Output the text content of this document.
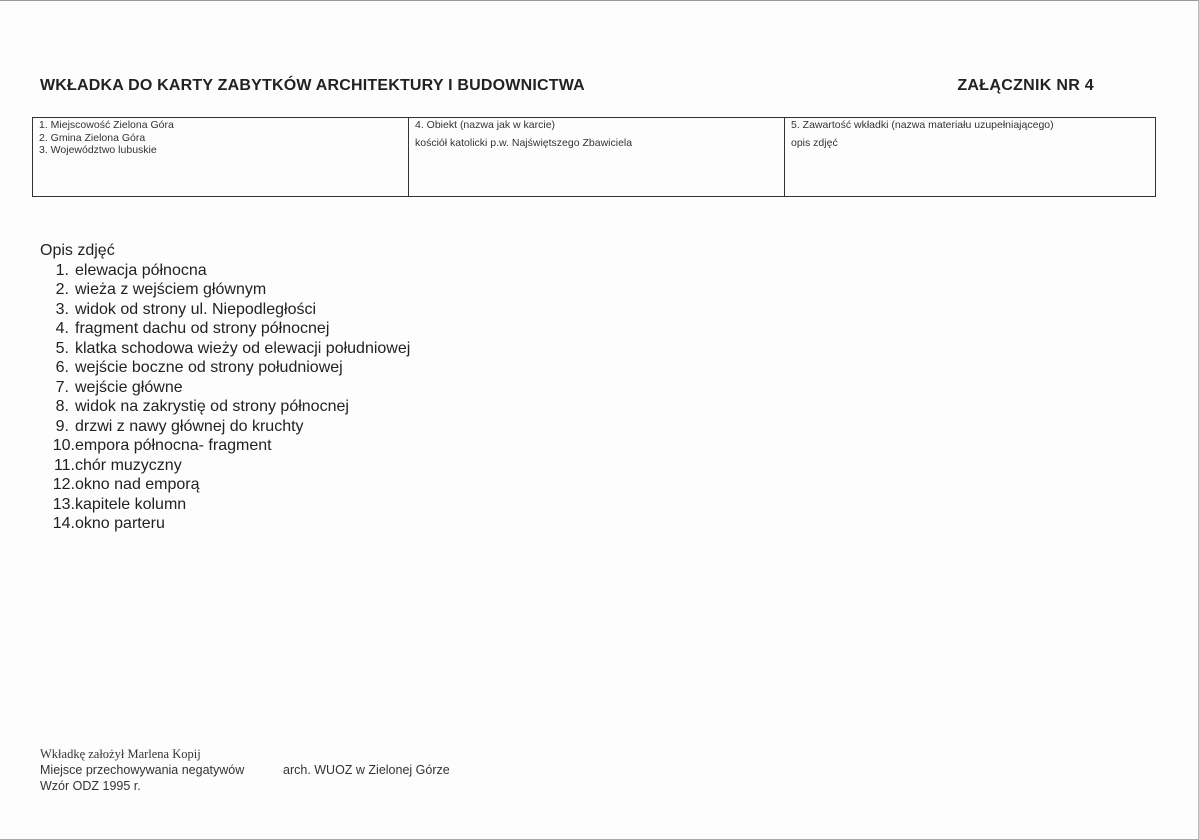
WKŁADKA DO KARTY ZABYTKÓW ARCHITEKTURY I BUDOWNICTWA	ZAŁĄCZNIK NR 4
1. Miejscowość Zielona Góra
2. Gmina Zielona Góra
3. Województwo lubuskie
4. Obiekt (nazwa jak w karcie)
kościół katolicki p.w. Najświętszego Zbawiciela
5. Zawartość wkładki (nazwa materiału uzupełniającego)
opis zdjęć
Opis zdjęć
1. elewacja północna
2. wieża z wejściem głównym
3. widok od strony ul. Niepodległości
4. fragment dachu od strony północnej
5. klatka schodowa wieży od elewacji południowej
6. wejście boczne od strony południowej
7. wejście główne
8. widok na zakrystię od strony północnej
9. drzwi z nawy głównej do kruchty
10. empora północna- fragment
11. chór muzyczny
12. okno nad emporą
13. kapitele kolumn
14. okno parteru
Wkładkę założył Marlena Kopij
Miejsce przechowywania negatywów	arch. WUOZ w Zielonej Górze
Wzór ODZ 1995 r.
